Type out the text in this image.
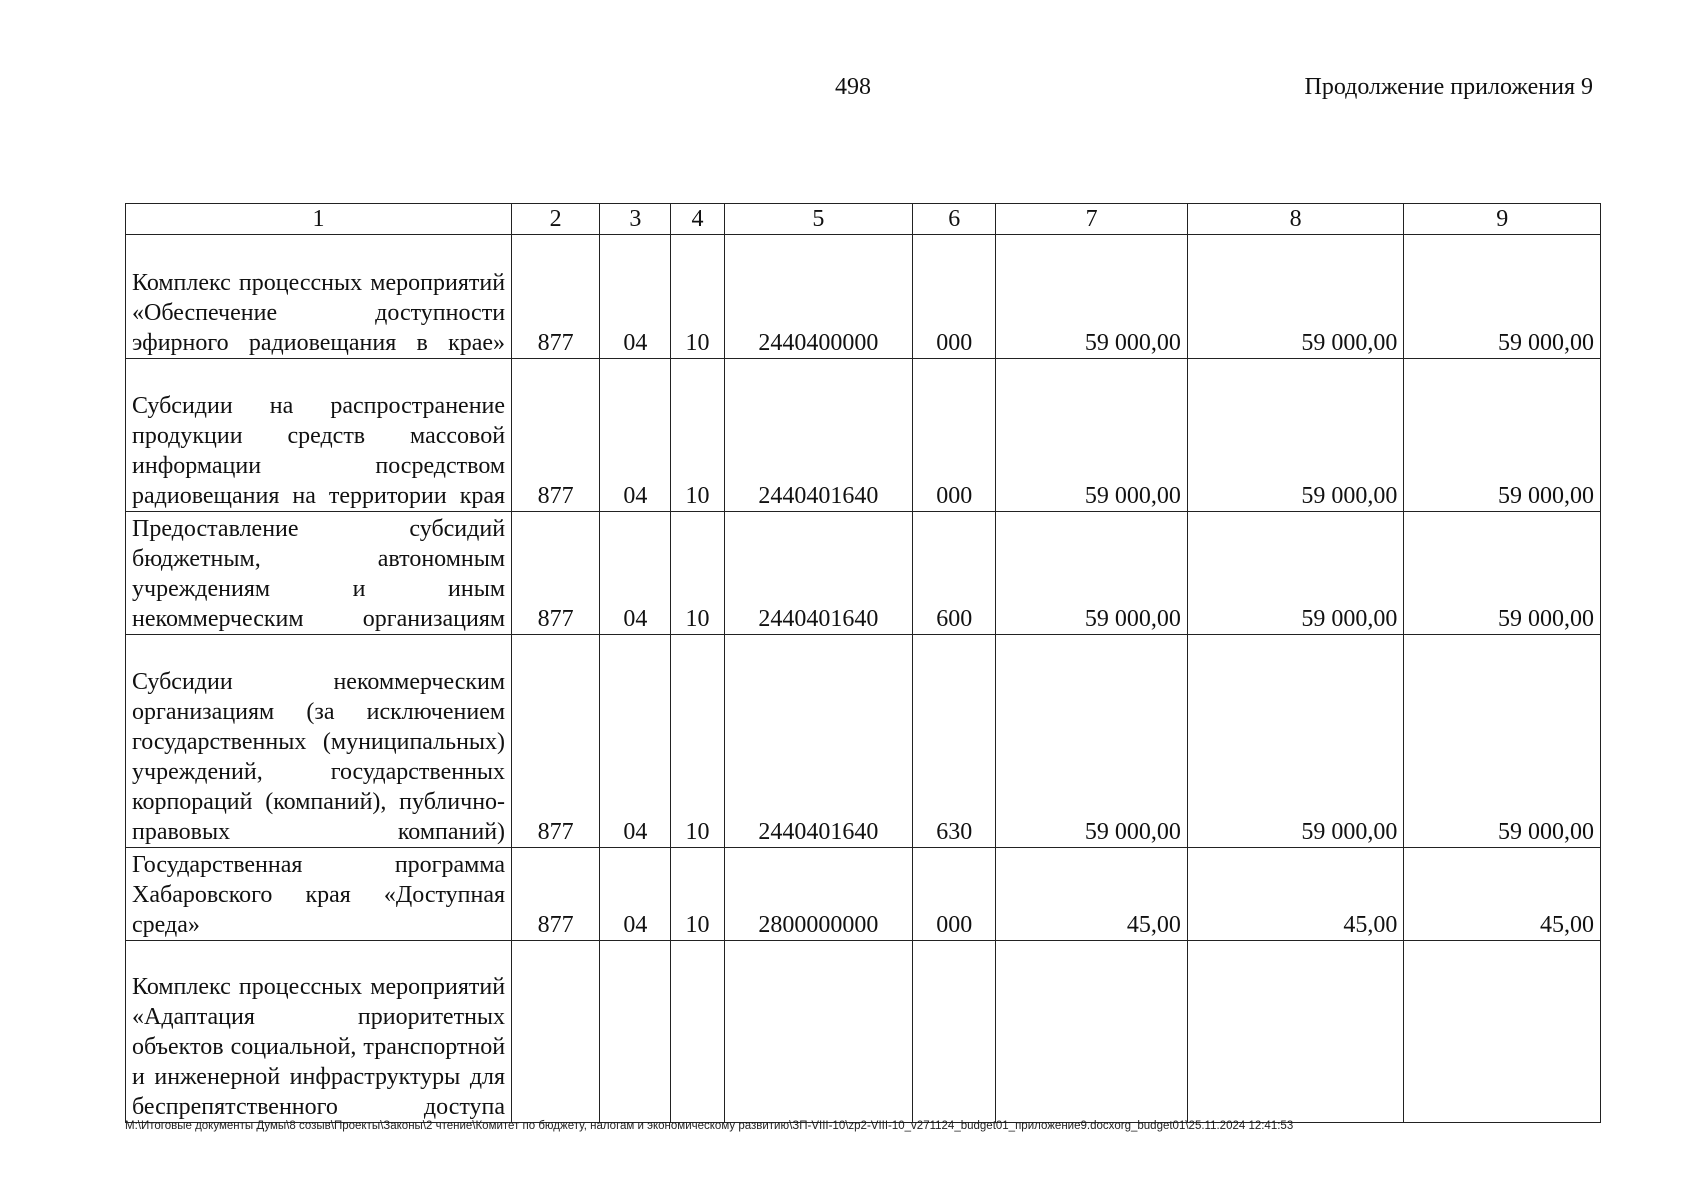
498	Продолжение приложения 9
1	2	3	4	5	6	7	8	9
Комплекс процессных мероприятий «Обеспечение доступности эфирного радиовещания в крае»	877	04	10	2440400000	000	59 000,00	59 000,00	59 000,00
Субсидии на распространение продукции средств массовой информации посредством радиовещания на территории края	877	04	10	2440401640	000	59 000,00	59 000,00	59 000,00
Предоставление субсидий бюджетным, автономным учреждениям и иным некоммерческим организациям	877	04	10	2440401640	600	59 000,00	59 000,00	59 000,00
Субсидии некоммерческим организациям (за исключением государственных (муниципальных) учреждений, государственных корпораций (компаний), публично-правовых компаний)	877	04	10	2440401640	630	59 000,00	59 000,00	59 000,00
Государственная программа Хабаровского края «Доступная среда»	877	04	10	2800000000	000	45,00	45,00	45,00
Комплекс процессных мероприятий «Адаптация приоритетных объектов социальной, транспортной и инженерной инфраструктуры для беспрепятственного доступа								
М:\Итоговые документы Думы\8 созыв\Проекты\Законы\2 чтение\Комитет по бюджету, налогам и экономическому развитию\ЗП-VIII-10\zp2-VIII-10_v271124_budget01_приложение9.docxorg_budget01\25.11.2024 12:41:53
